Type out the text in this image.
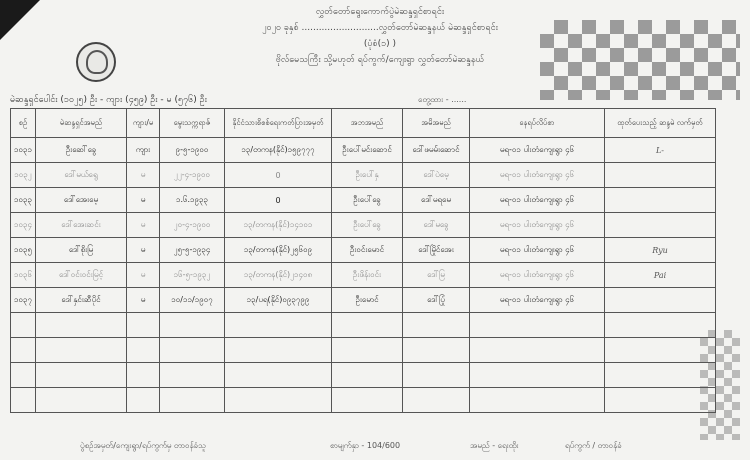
လွှတ်တော်ရွေးကောက်ပွဲမဲဆန္ဒရှင်စာရင်း
၂၀၂၀ ခုနှစ် ...........................လွှတ်တော်မဲဆန္ဒနယ် မဲဆန္ဒရှင်စာရင်း
(ပုံစံ(၁) )
ဗိုလ်မေသကြီး သို့မဟုတ် ရပ်ကွက်/ကျေးရွာ လွှတ်တော်မဲဆန္ဒနယ်
မဲဆန္ဒရှင်ပေါင်း (၁၀၂၅) ဦး - ကျား (၄၅၉) ဦး - မ (၅၇၆) ဦး	တွေ့ထား - ......
စဉ်	မဲဆန္ဒရှင်အမည်	ကျား/မ	မွေးသက္ကရာဇ်	နိုင်ငံသားစိစစ်ရေးကတ်ပြားအမှတ်	အဘအမည်	အမိအမည်	နေရပ်လိပ်စာ	ထုတ်ပေးသည့် ဆန္ဒမဲ လက်မှတ်
၁၀၃၁	ဦးဆေါ်ခွေ	ကျား	၉-၅-၁၉၀၀	၁၃/တကန(နိုင်)၁၅၉၇၇၇	ဦးပေါ်မင်းဆောင်	ဒေါ်ဖမမ်းဆောင်	မရ-၀၁ ပါးတံကျေးရွာ ၄၆	L-
၁၀၃၂	ဒေါ်မယ်ရွေ	မ	၂၂-၄-၁၉၀၀	0	ဦးပေါ်နှ	ဒေါ်ပဲမေ့	မရ-၀၁ ပါးတံကျေးရွာ ၄၆	
၁၀၃၃	ဒေါ်အေးမေ့	မ	၁.၆.၁၉၃၃	0	ဦးပေါ်ခွေ	ဒေါ်မရမေ	မရ-၀၁ ပါးတံကျေးရွာ ၄၆	
၁၀၃၄	ဒေါ်အေးဆင်း	မ	၂၀-၄-၁၉၀၀	၁၃/တကန(နိုင်)၁၄၁၀၁	ဦးပေါ်ခွေ	ဒေါ်မခွေ	မရ-၀၁ ပါးတံကျေးရွာ ၄၆	
၁၀၃၅	ဒေါ်စိုးမြ	မ	၂၅-၅-၁၉၃၄	၁၃/တကန(နိုင်)၂၅၆၀၉	ဦးဝင်းမောင်	ဒေါ်မြိုင်အေး	မရ-၀၁ ပါးတံကျေးရွာ ၄၆	Ryu
၁၀၃၆	ဒေါ်ဝင်းဝင်းမြင့်	မ	၁၆-၅-၁၉၃၂	၁၃/တကန(နိုင်)၂၁၄၀၈	ဦးဖိန်းဝင်း	ဒေါ်မြ	မရ-၀၁ ပါးတံကျေးရွာ ၄၆	Pai
၁၀၃၇	ဒေါ်နှင်းဆီပိုင်	မ	၁၀/၁၁/၁၉၀၇	၁၃/ပရ(နိုင်)၀၉၃၇၉၉	ဦးမောင်	ဒေါ်ပြုံ	မရ-၀၁ ပါးတံကျေးရွာ ၄၆	

ပွဲစဉ်အမှတ်/ကျေးရွာ/ရပ်ကွက်မှ တာဝန်ခံသူ	စာမျက်နှာ - 104/600	အမည် - ရေးထိုး	ရပ်ကွက် / တာဝန်ခံ
